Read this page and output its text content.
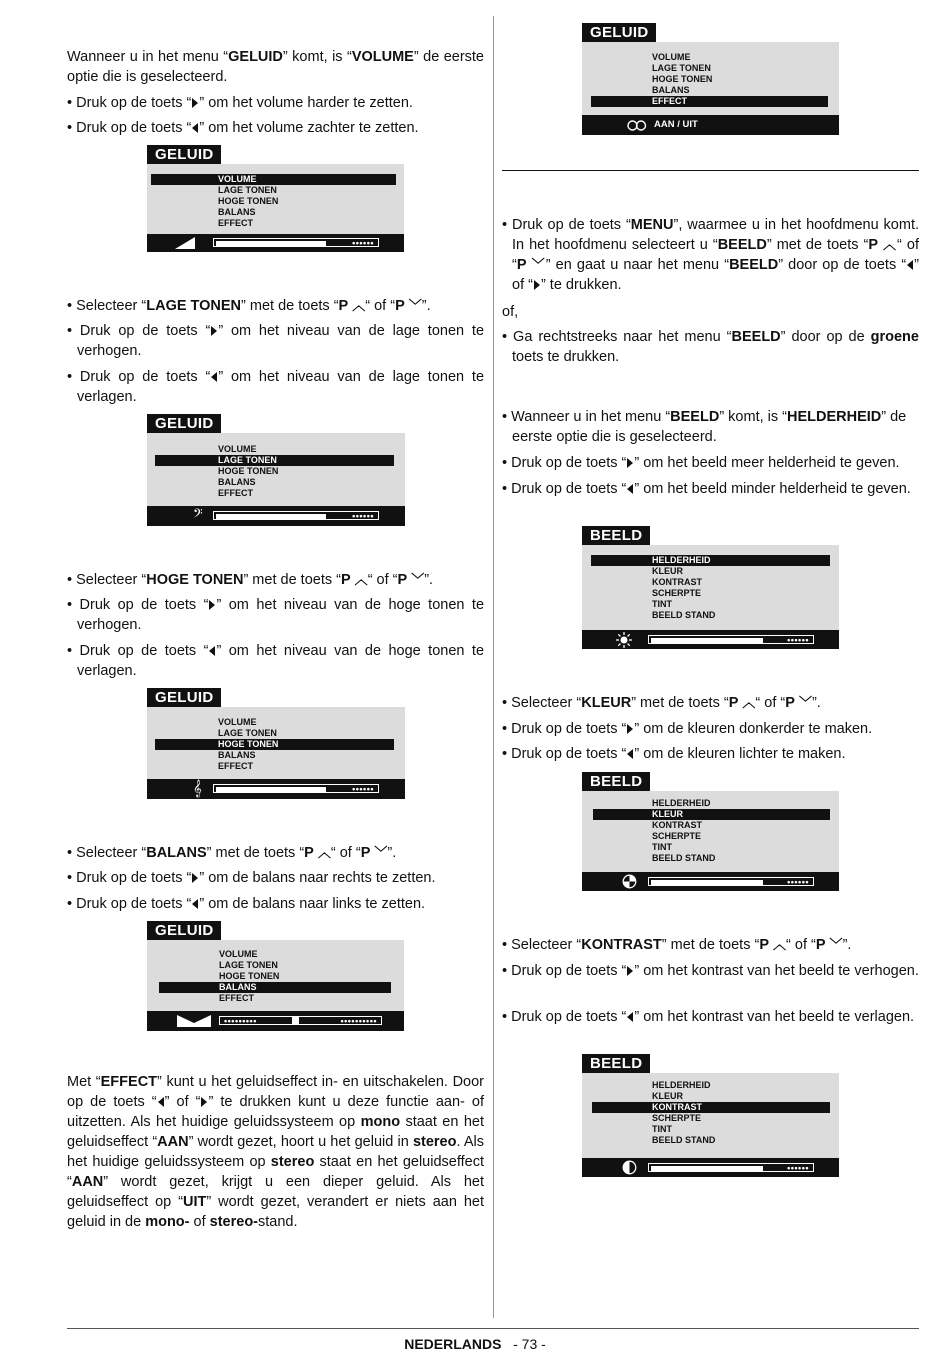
Wanneer u in het menu “GELUID” komt, is “VOLUME” de eerste optie die is geselecteerd.
• Druk op de toets “ ” om het volume harder te zetten.
• Druk op de toets “ ” om het volume zachter te zetten.
GELUID
VOLUME
LAGE TONEN
HOGE TONEN
BALANS
EFFECT
••••••
• Selecteer “LAGE TONEN” met de toets “P ︿“ of “P ﹀”.
• Druk op de toets “ ” om het niveau van de lage tonen te verhogen.
• Druk op de toets “ ” om het niveau van de lage tonen te verlagen.
GELUID
VOLUME
LAGE TONEN
HOGE TONEN
BALANS
EFFECT
𝄢	••••••
• Selecteer “HOGE TONEN” met de toets “P ︿“ of “P ﹀”.
• Druk op de toets “ ” om het niveau van de hoge tonen te verhogen.
• Druk op de toets “ ” om het niveau van de hoge tonen te verlagen.
GELUID
VOLUME
LAGE TONEN
HOGE TONEN
BALANS
EFFECT
𝄞	••••••
• Selecteer “BALANS” met de toets “P ︿“ of “P ﹀”.
• Druk op de toets “ ” om de balans naar rechts te zetten.
• Druk op de toets “ ” om de balans naar links te zetten.
GELUID
VOLUME
LAGE TONEN
HOGE TONEN
BALANS
EFFECT
•••••••••	••••••••••
Met “EFFECT” kunt u het geluidseffect in- en uitschakelen. Door op de toets “ ” of “ ” te drukken kunt u deze functie aan- of uitzetten. Als het huidige geluidssysteem op mono staat en het geluidseffect “AAN” wordt gezet, hoort u het geluid in stereo. Als het huidige geluidssysteem op stereo staat en het geluidseffect “AAN” wordt gezet, krijgt u een dieper geluid. Als het geluidseffect op “UIT” wordt gezet, verandert er niets aan het geluid in de mono- of stereo-stand.
GELUID
VOLUME
LAGE TONEN
HOGE TONEN
BALANS
EFFECT
AAN / UIT
• Druk op de toets “MENU”, waarmee u in het hoofdmenu komt. In het hoofdmenu selecteert u “BEELD” met de toets “P ︿“ of “P ﹀” en gaat u naar het menu “BEELD” door op de toets “ ” of “ ” te drukken.
of,
• Ga rechtstreeks naar het menu “BEELD” door op de groene toets te drukken.
• Wanneer u in het menu “BEELD” komt, is “HELDERHEID” de eerste optie die is geselecteerd.
• Druk op de toets “ ” om het beeld meer helderheid te geven.
• Druk op de toets “ ” om het beeld minder helderheid te geven.
BEELD
HELDERHEID
KLEUR
KONTRAST
SCHERPTE
TINT
BEELD STAND
••••••
• Selecteer “KLEUR” met de toets “P ︿“ of “P ﹀”.
• Druk op de toets “ ” om de kleuren donkerder te maken.
• Druk op de toets “ ” om de kleuren lichter te maken.
BEELD
HELDERHEID
KLEUR
KONTRAST
SCHERPTE
TINT
BEELD STAND
••••••
• Selecteer “KONTRAST” met de toets “P ︿“ of “P ﹀”.
• Druk op de toets “ ” om het kontrast van het beeld te verhogen.
• Druk op de toets “ ” om het kontrast van het beeld te verlagen.
BEELD
HELDERHEID
KLEUR
KONTRAST
SCHERPTE
TINT
BEELD STAND
••••••
NEDERLANDS - 73 -
